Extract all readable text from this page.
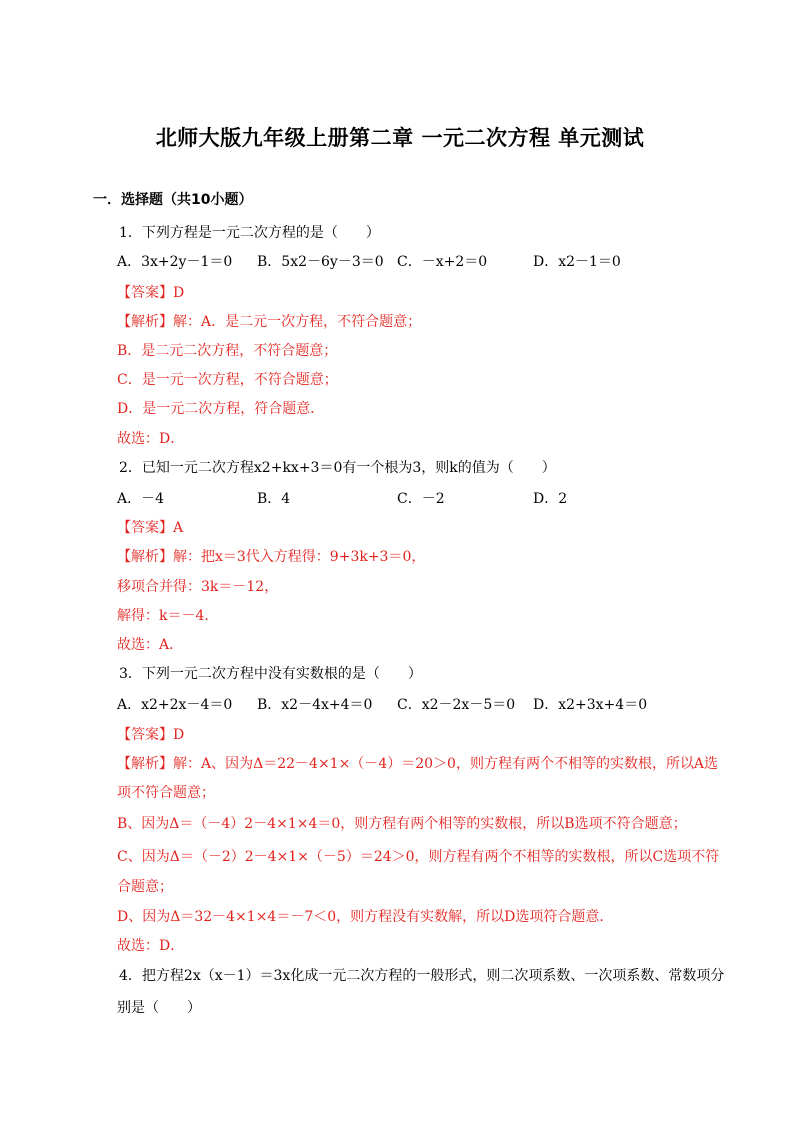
北师大版九年级上册第二章 一元二次方程 单元测试
一．选择题（共10小题）
1．下列方程是一元二次方程的是（　　）
A．3x+2y－1＝0 B．5x2－6y－3＝0 C．－x+2＝0	D．x2－1＝0
【答案】D
【解析】解：A．是二元一次方程，不符合题意；
B．是二元二次方程，不符合题意；
C．是一元一次方程，不符合题意；
D．是一元二次方程，符合题意．
故选：D．
2．已知一元二次方程x2+kx+3＝0有一个根为3，则k的值为（　　）
A．－4	B．4	C．－2	D．2
【答案】A
【解析】解：把x＝3代入方程得：9+3k+3＝0，
移项合并得：3k＝－12，
解得：k＝－4．
故选：A．
3．下列一元二次方程中没有实数根的是（　　）
A．x2+2x－4＝0 B．x2－4x+4＝0 C．x2－2x－5＝0 D．x2+3x+4＝0
【答案】D
【解析】解：A、因为Δ＝22－4×1×（－4）＝20＞0，则方程有两个不相等的实数根，所以A选
项不符合题意；
B、因为Δ＝（－4）2－4×1×4＝0，则方程有两个相等的实数根，所以B选项不符合题意；
C、因为Δ＝（－2）2－4×1×（－5）＝24＞0，则方程有两个不相等的实数根，所以C选项不符
合题意；
D、因为Δ＝32－4×1×4＝－7＜0，则方程没有实数解，所以D选项符合题意．
故选：D．
4．把方程2x（x－1）＝3x化成一元二次方程的一般形式，则二次项系数、一次项系数、常数项分
别是（　　）
